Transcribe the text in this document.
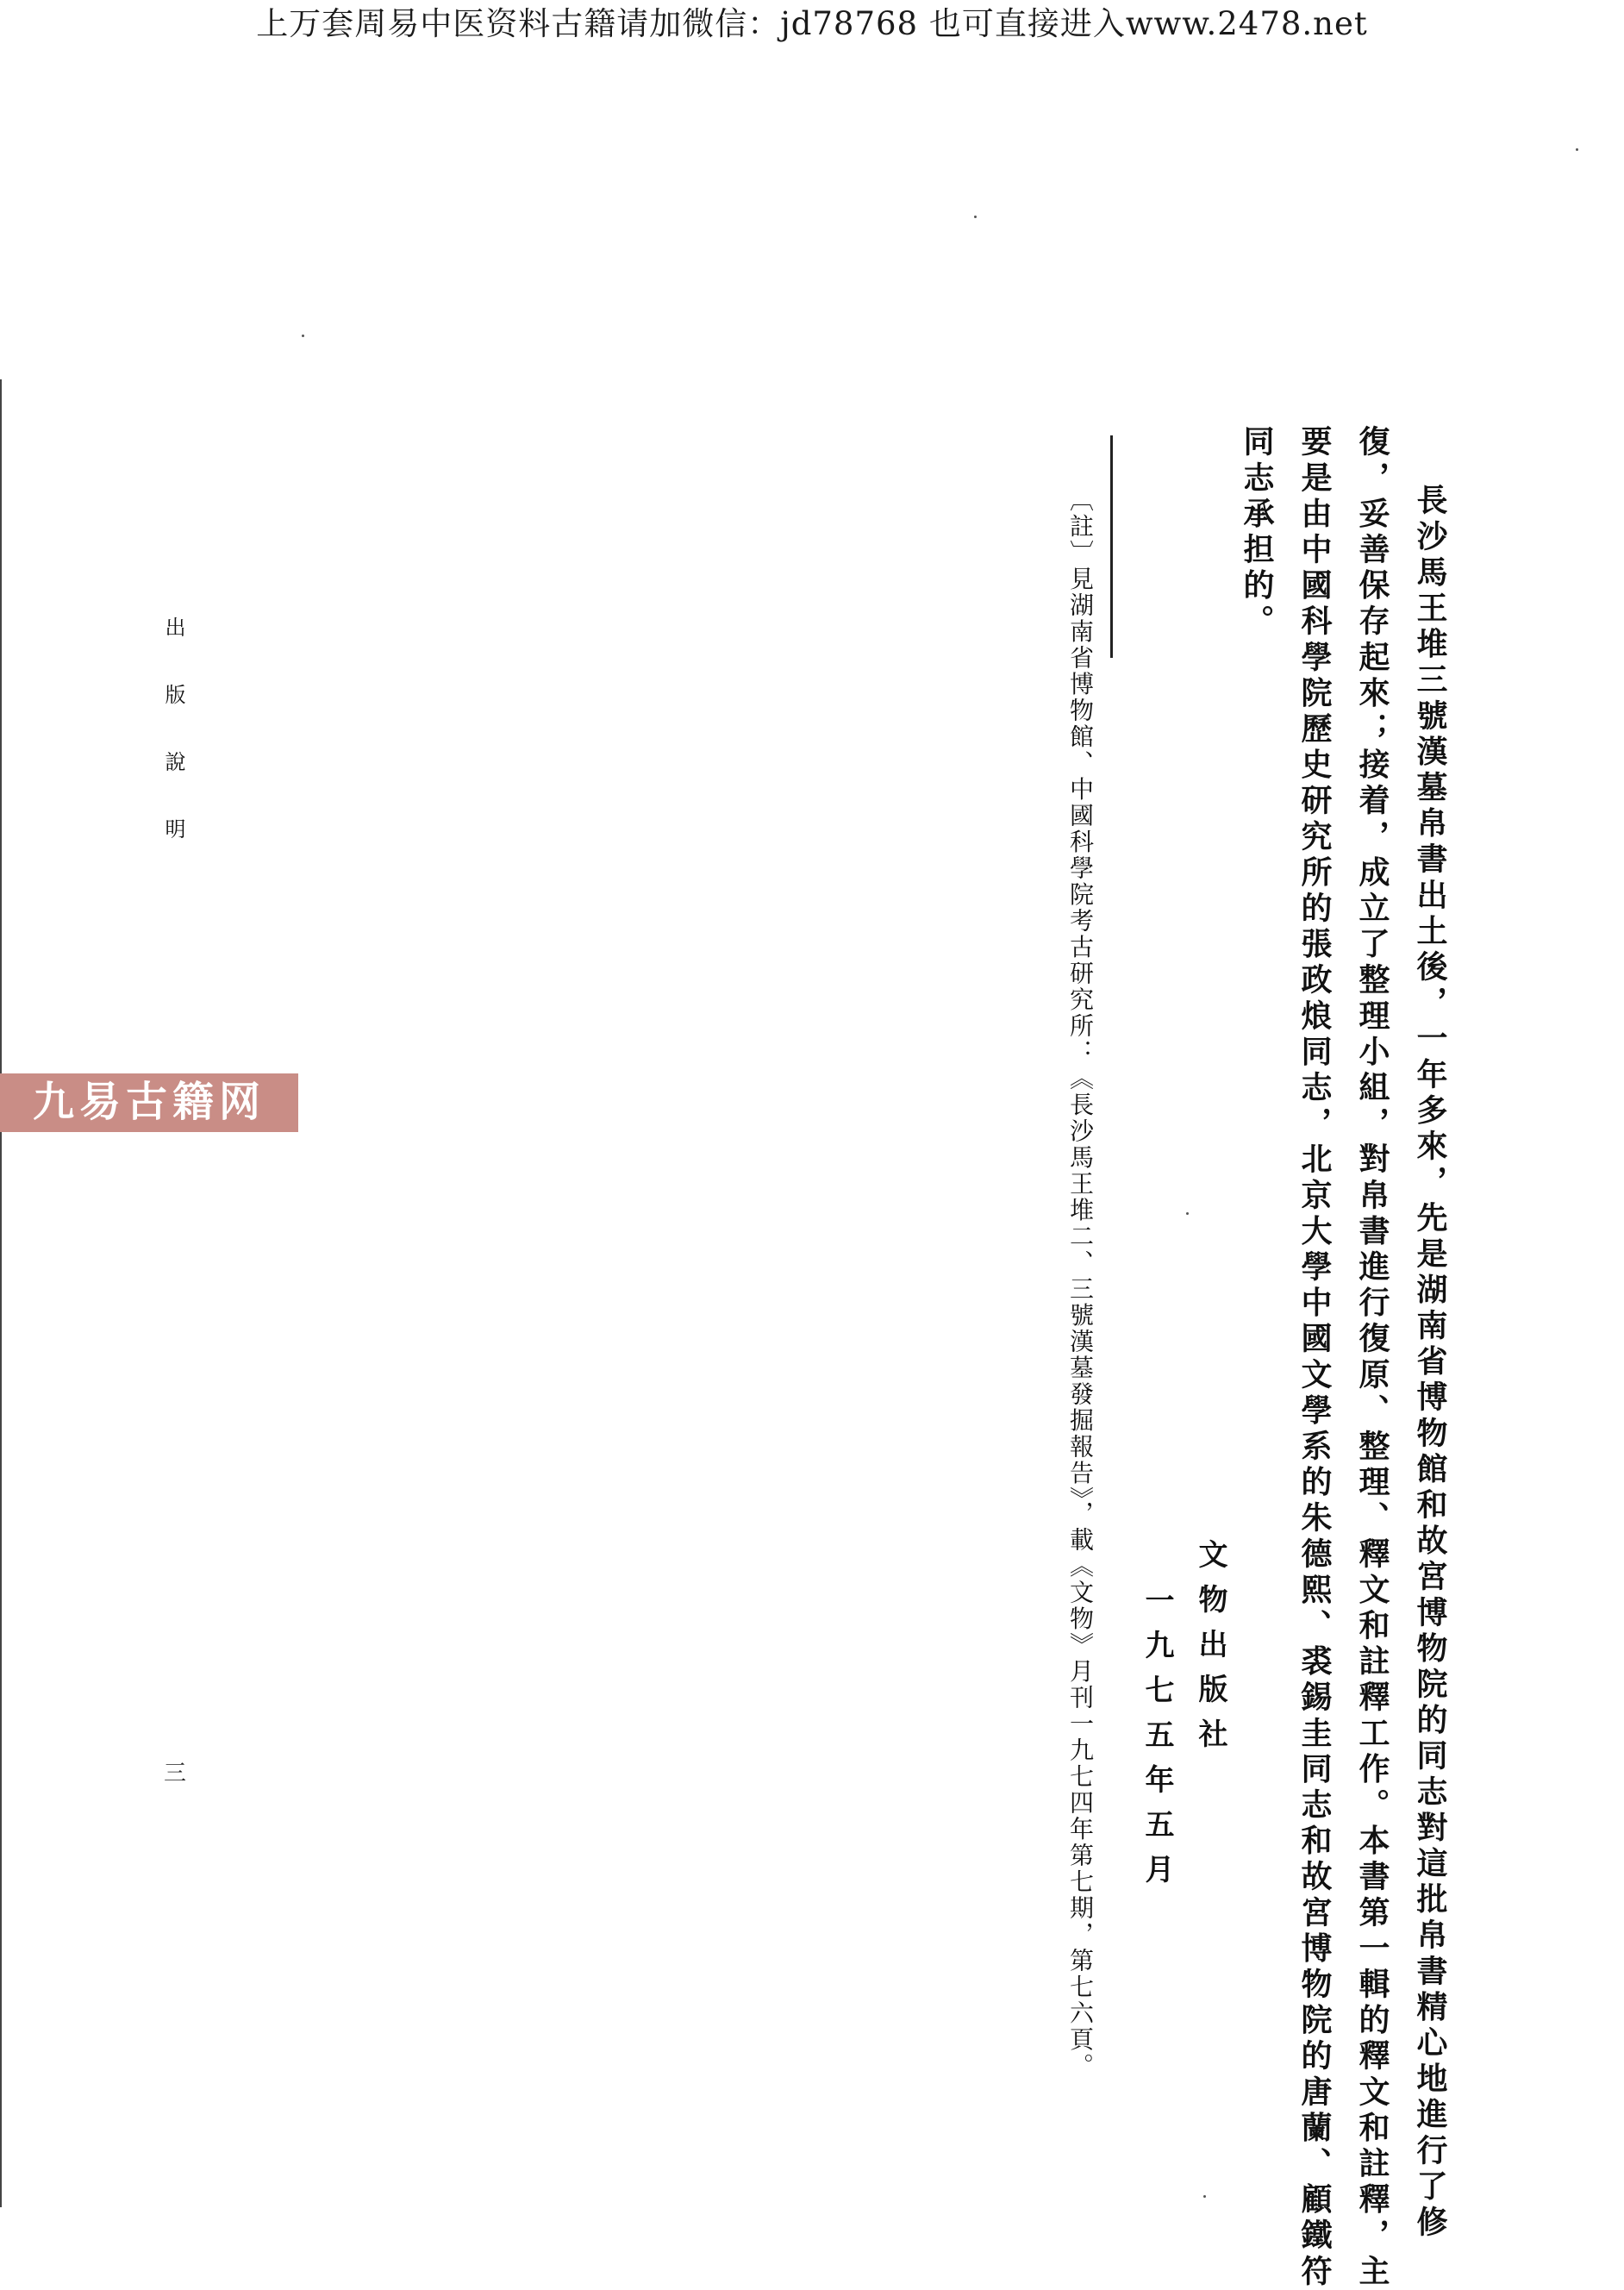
上万套周易中医资料古籍请加微信：jd78768 也可直接进入www.2478.net
長沙馬王堆三號漢墓帛書出土後，一年多來，先是湖南省博物館和故宮博物院的同志對這批帛書精心地進行了修
復，妥善保存起來；接着，成立了整理小組，對帛書進行復原、整理、釋文和註釋工作。本書第一輯的釋文和註釋，主
要是由中國科學院歷史研究所的張政烺同志，北京大學中國文學系的朱德熙、裘錫圭同志和故宮博物院的唐蘭、顧鐵符
同志承担的。
文物出版社
一九七五年五月
〔註〕見湖南省博物館、中國科學院考古研究所：《長沙馬王堆二、三號漢墓發掘報告》，載《文物》月刊一九七四年第七期，第七六頁。
出版說明
三
九易古籍网
